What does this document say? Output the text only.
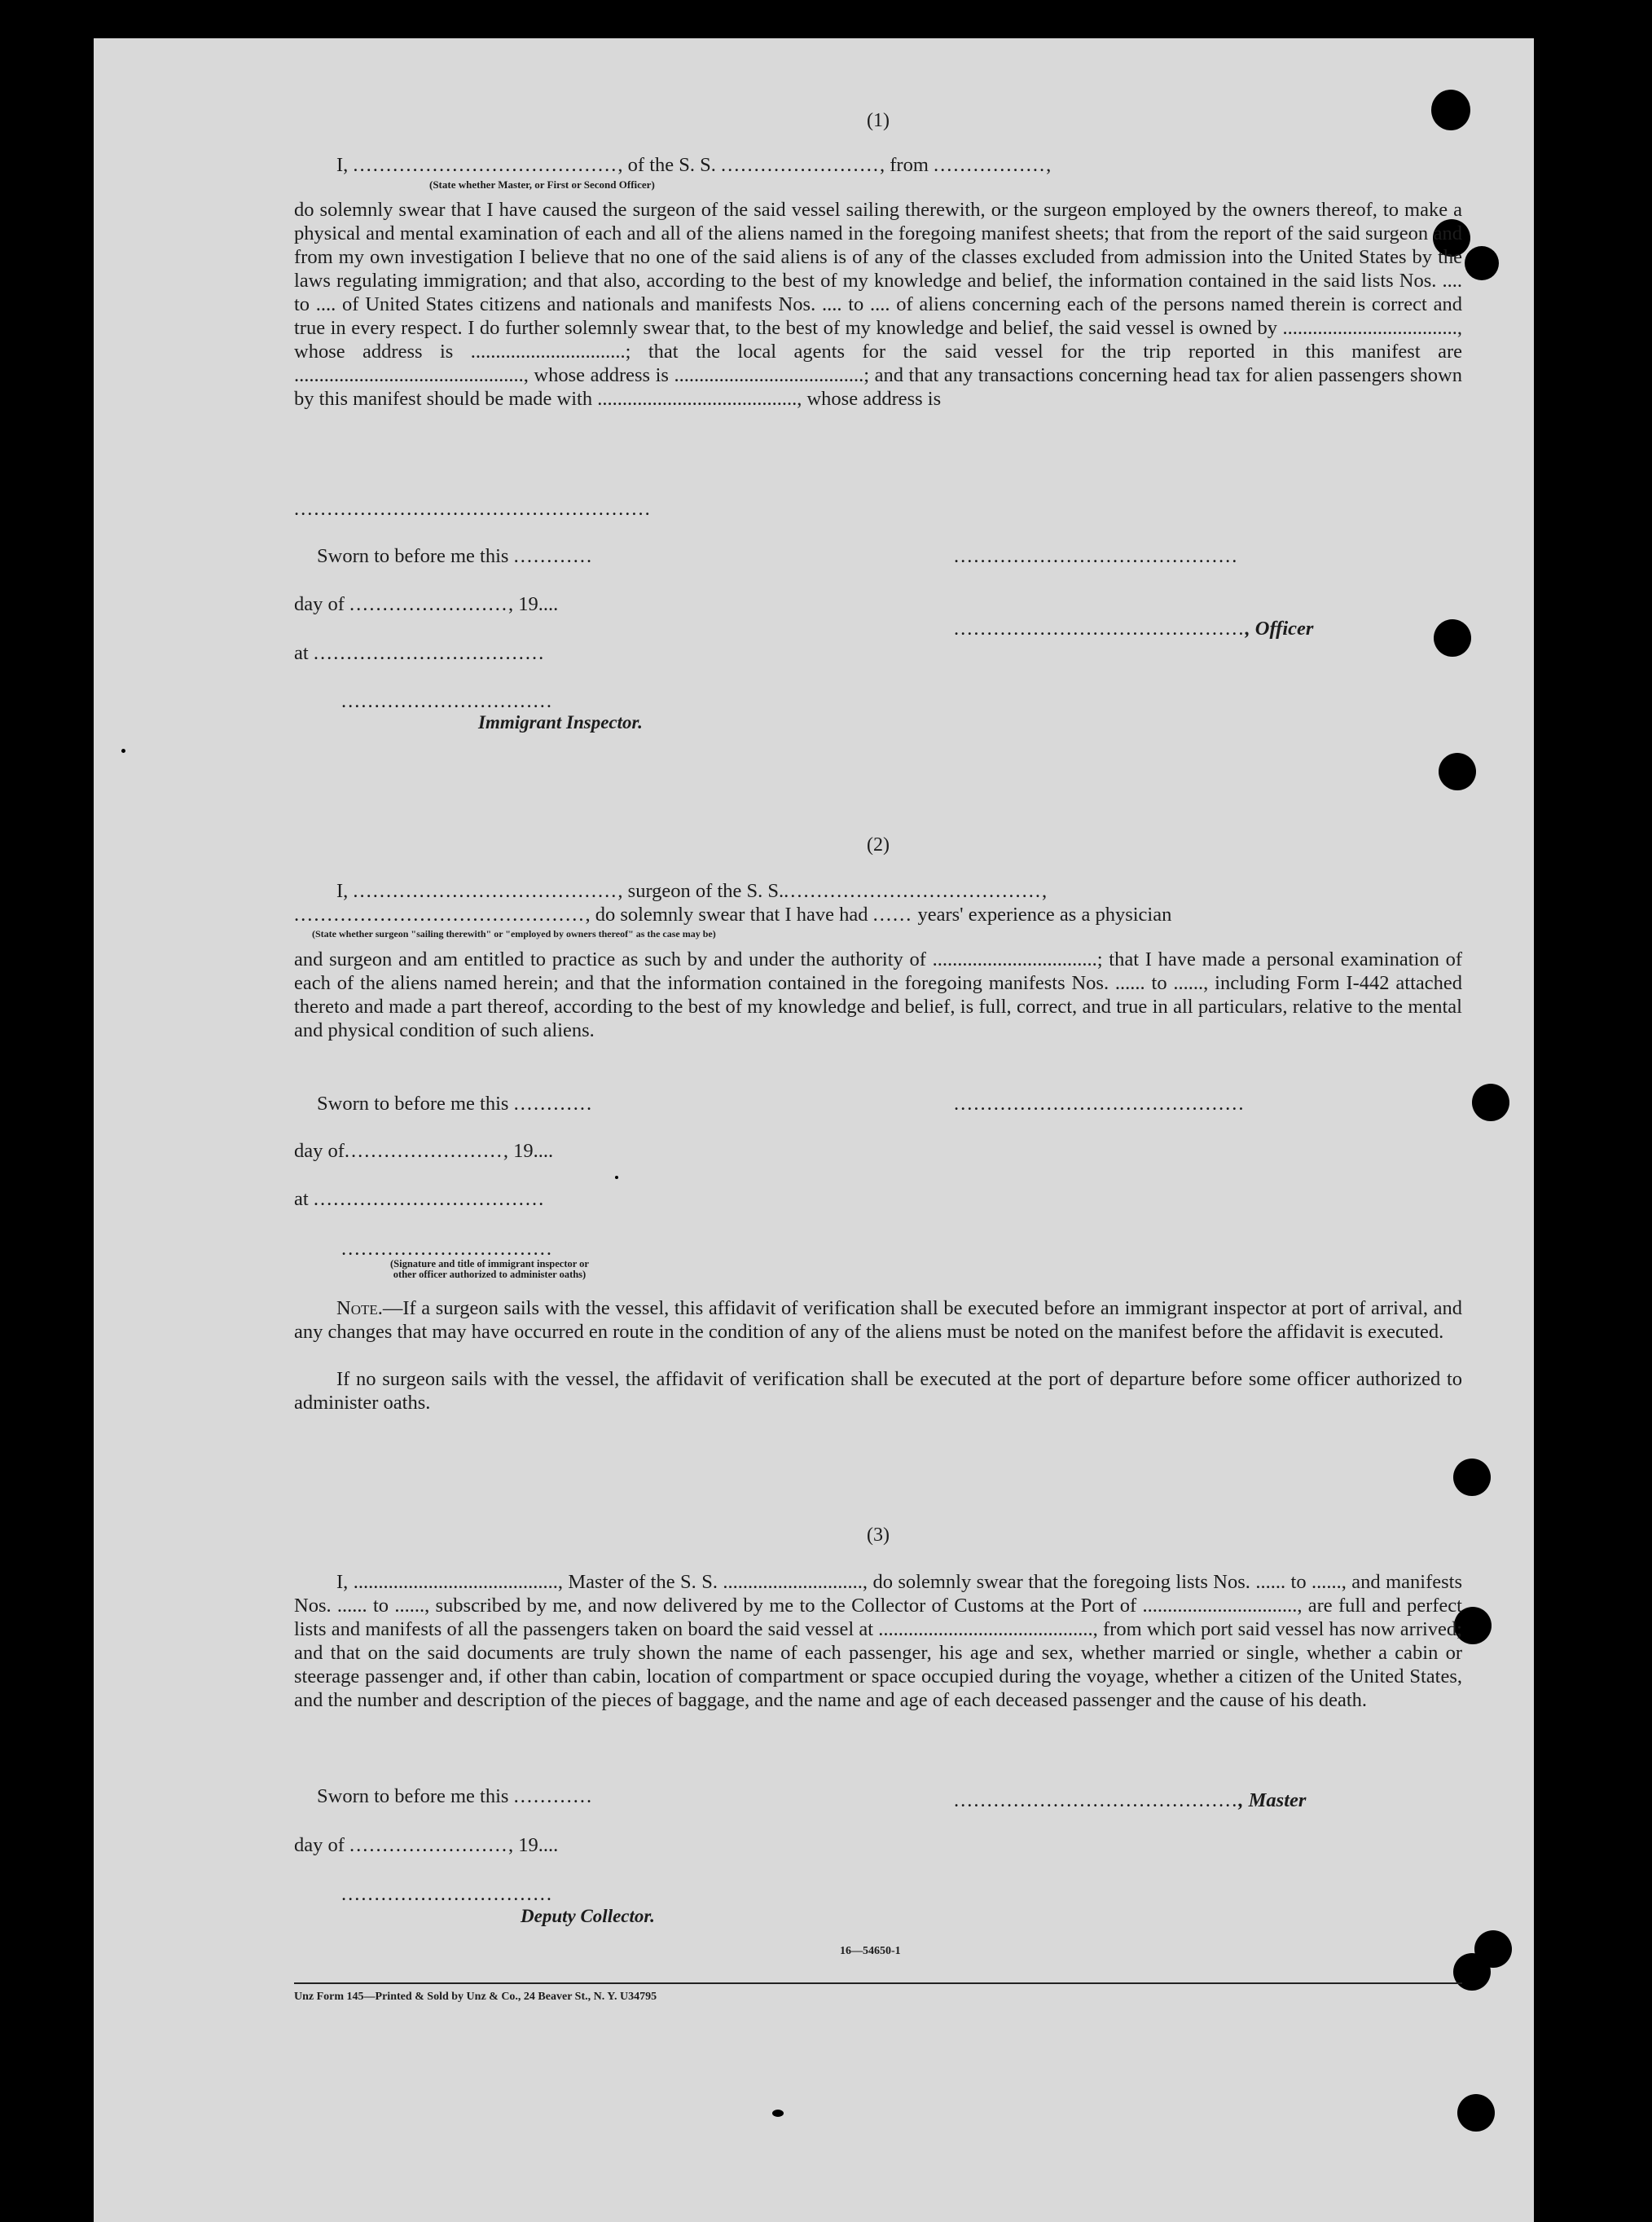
(1)
I, ........................................, of the S. S. ........................, from .................,
(State whether Master, or First or Second Officer)

do solemnly swear that I have caused the surgeon of the said vessel sailing therewith, or the surgeon employed by the owners thereof, to make a physical and mental examination of each and all of the aliens named in the foregoing manifest sheets; that from the report of the said surgeon and from my own investigation I believe that no one of the said aliens is of any of the classes excluded from admission into the United States by the laws regulating immigration; and that also, according to the best of my knowledge and belief, the information contained in the said lists Nos. .... to .... of United States citizens and nationals and manifests Nos. .... to .... of aliens concerning each of the persons named therein is correct and true in every respect. I do further solemnly swear that, to the best of my knowledge and belief, the said vessel is owned by ..................................., whose address is ...............................; that the local agents for the said vessel for the trip reported in this manifest are .............................................., whose address is ......................................; and that any transactions concerning head tax for alien passengers shown by this manifest should be made with ........................................, whose address is

......................................................
Sworn to before me this ............	...........................................
day of ........................, 19....
............................................, Officer
at ...................................
................................
Immigrant Inspector.
(2)
I, ........................................, surgeon of the S. S........................................,
............................................, do solemnly swear that I have had ...... years' experience as a physician
(State whether surgeon "sailing therewith" or "employed by owners thereof" as the case may be)

and surgeon and am entitled to practice as such by and under the authority of .................................; that I have made a personal examination of each of the aliens named herein; and that the information contained in the foregoing manifests Nos. ...... to ......, including Form I-442 attached thereto and made a part thereof, according to the best of my knowledge and belief, is full, correct, and true in all particulars, relative to the mental and physical condition of such aliens.

Sworn to before me this ............	............................................
day of........................, 19....
at ...................................
................................
(Signature and title of immigrant inspector or
other officer authorized to administer oaths)

Note.—If a surgeon sails with the vessel, this affidavit of verification shall be executed before an immigrant inspector at port of arrival, and any changes that may have occurred en route in the condition of any of the aliens must be noted on the manifest before the affidavit is executed.

If no surgeon sails with the vessel, the affidavit of verification shall be executed at the port of departure before some officer authorized to administer oaths.

(3)

I, ........................................., Master of the S. S. ............................, do solemnly swear that the foregoing lists Nos. ...... to ......, and manifests Nos. ...... to ......, subscribed by me, and now delivered by me to the Collector of Customs at the Port of ..............................., are full and perfect lists and manifests of all the passengers taken on board the said vessel at ..........................................., from which port said vessel has now arrived; and that on the said documents are truly shown the name of each passenger, his age and sex, whether married or single, whether a cabin or steerage passenger and, if other than cabin, location of compartment or space occupied during the voyage, whether a citizen of the United States, and the number and description of the pieces of baggage, and the name and age of each deceased passenger and the cause of his death.

Sworn to before me this ............	..........................................., Master
day of ........................, 19....
................................
Deputy Collector.
16—54650-1
Unz Form 145—Printed & Sold by Unz & Co., 24 Beaver St., N. Y. U34795
